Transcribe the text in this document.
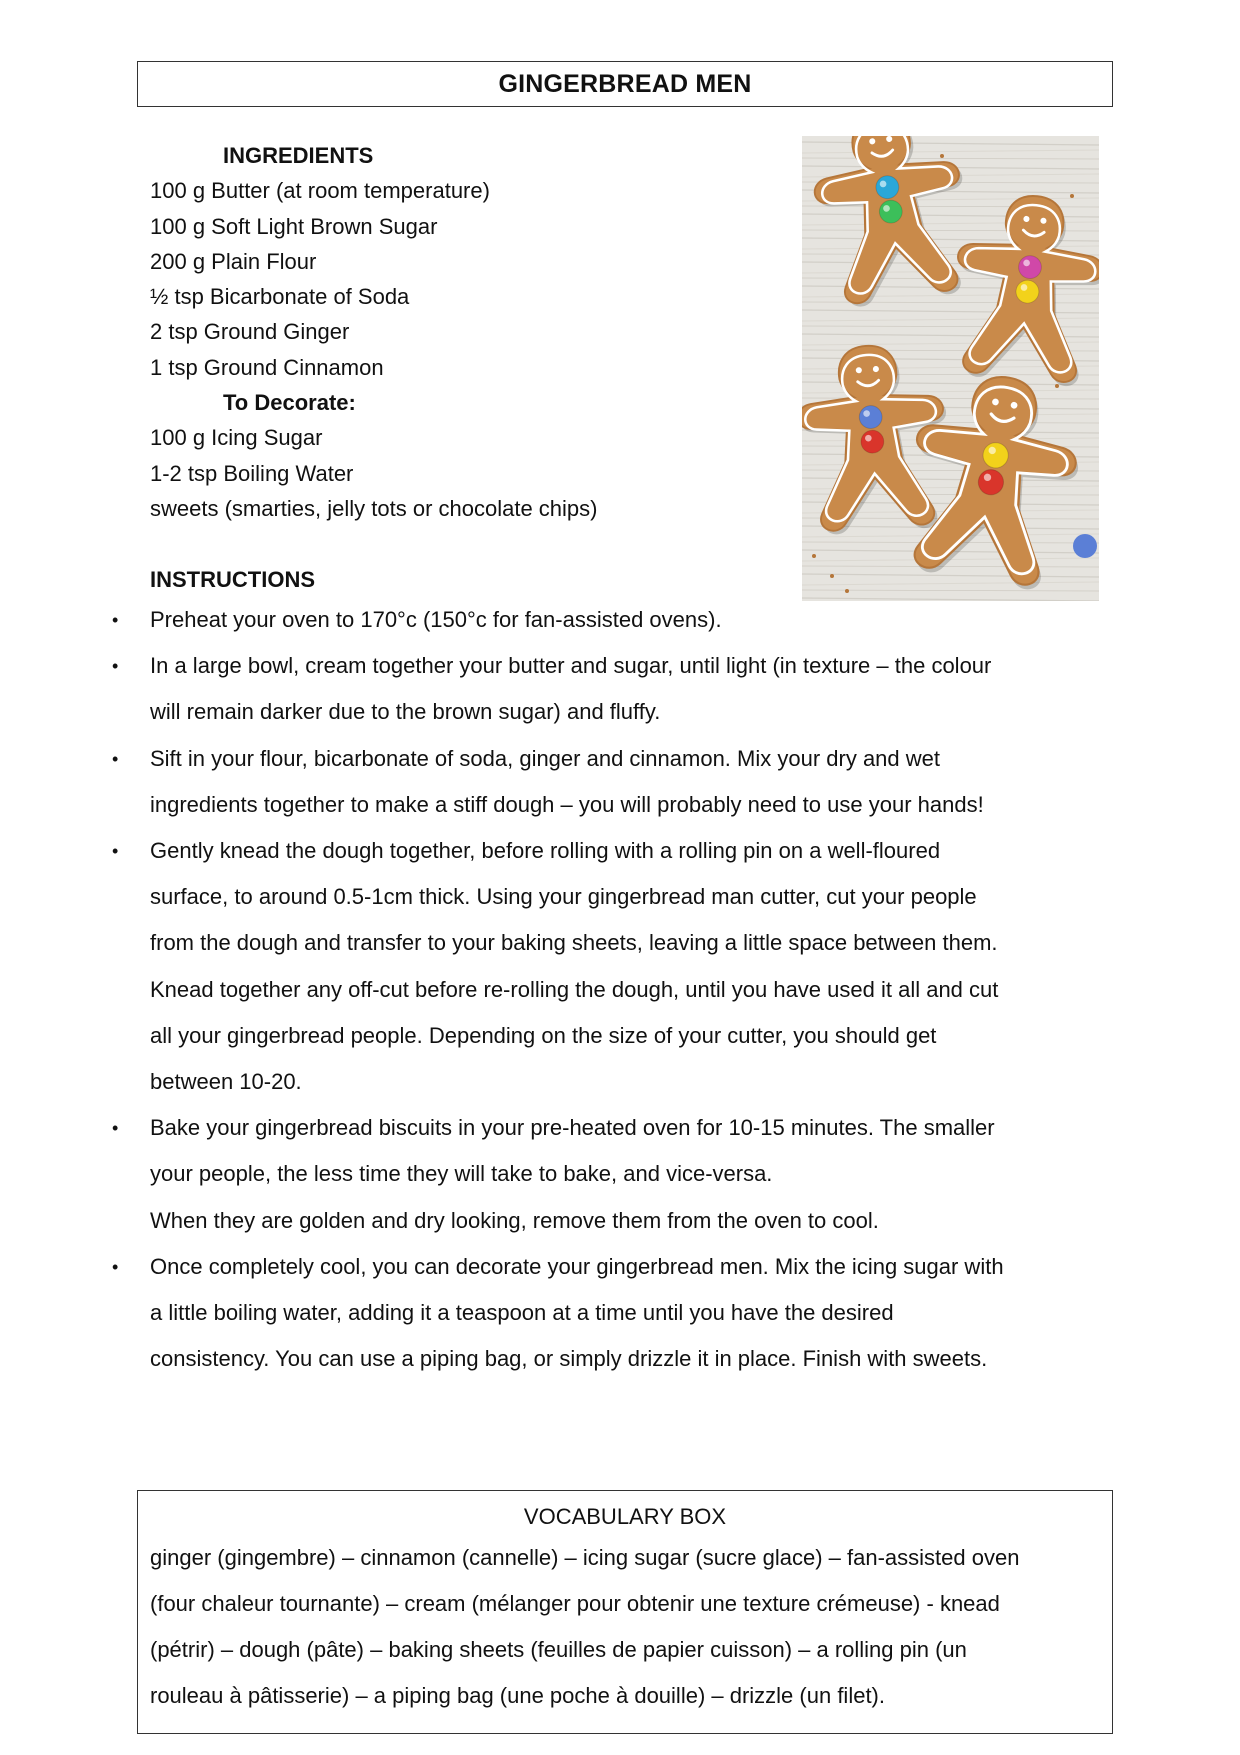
GINGERBREAD MEN
INGREDIENTS
100 g Butter (at room temperature)
100 g Soft Light Brown Sugar
200 g Plain Flour
½ tsp Bicarbonate of Soda
2 tsp Ground Ginger
1 tsp Ground Cinnamon
To Decorate:
100 g Icing Sugar
1-2 tsp Boiling Water
sweets (smarties, jelly tots or chocolate chips)
INSTRUCTIONS
• Preheat your oven to 170°c (150°c for fan-assisted ovens).
• In a large bowl, cream together your butter and sugar, until light (in texture – the colour
will remain darker due to the brown sugar) and fluffy.
• Sift in your flour, bicarbonate of soda, ginger and cinnamon. Mix your dry and wet
ingredients together to make a stiff dough – you will probably need to use your hands!
• Gently knead the dough together, before rolling with a rolling pin on a well-floured
surface, to around 0.5-1cm thick. Using your gingerbread man cutter, cut your people
from the dough and transfer to your baking sheets, leaving a little space between them.
Knead together any off-cut before re-rolling the dough, until you have used it all and cut
all your gingerbread people. Depending on the size of your cutter, you should get
between 10-20.
• Bake your gingerbread biscuits in your pre-heated oven for 10-15 minutes. The smaller
your people, the less time they will take to bake, and vice-versa.
When they are golden and dry looking, remove them from the oven to cool.
• Once completely cool, you can decorate your gingerbread men. Mix the icing sugar with
a little boiling water, adding it a teaspoon at a time until you have the desired
consistency. You can use a piping bag, or simply drizzle it in place. Finish with sweets.
VOCABULARY BOX
ginger (gingembre) – cinnamon (cannelle) – icing sugar (sucre glace) – fan-assisted oven
(four chaleur tournante) – cream (mélanger pour obtenir une texture crémeuse) - knead
(pétrir) – dough (pâte) – baking sheets (feuilles de papier cuisson) – a rolling pin (un
rouleau à pâtisserie) – a piping bag (une poche à douille) – drizzle (un filet).
